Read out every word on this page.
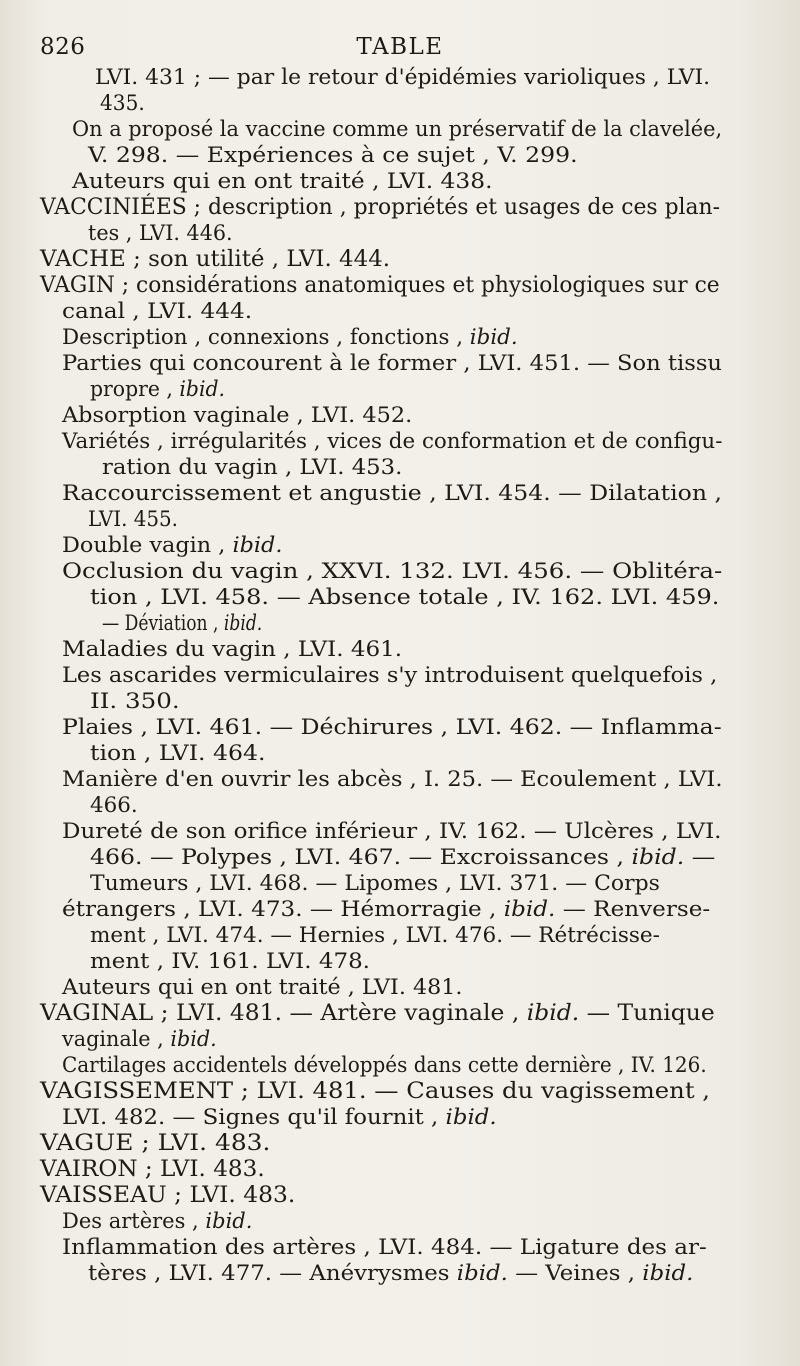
826	TABLE
LVI. 431 ; — par le retour d'épidémies varioliques , LVI.
435.
On a proposé la vaccine comme un préservatif de la clavelée,
V. 298. — Expériences à ce sujet , V. 299.
Auteurs qui en ont traité , LVI. 438.
VACCINIÉES ; description , propriétés et usages de ces plan-
tes , LVI. 446.
VACHE ; son utilité , LVI. 444.
VAGIN ; considérations anatomiques et physiologiques sur ce
canal , LVI. 444.
Description , connexions , fonctions , ibid.
Parties qui concourent à le former , LVI. 451. — Son tissu
propre , ibid.
Absorption vaginale , LVI. 452.
Variétés , irrégularités , vices de conformation et de configu-
ration du vagin , LVI. 453.
Raccourcissement et angustie , LVI. 454. — Dilatation ,
LVI. 455.
Double vagin , ibid.
Occlusion du vagin , XXVI. 132. LVI. 456. — Oblitéra-
tion , LVI. 458. — Absence totale , IV. 162. LVI. 459.
— Déviation , ibid.
Maladies du vagin , LVI. 461.
Les ascarides vermiculaires s'y introduisent quelquefois ,
II. 350.
Plaies , LVI. 461. — Déchirures , LVI. 462. — Inflamma-
tion , LVI. 464.
Manière d'en ouvrir les abcès , I. 25. — Ecoulement , LVI.
466.
Dureté de son orifice inférieur , IV. 162. — Ulcères , LVI.
466. — Polypes , LVI. 467. — Excroissances , ibid. —
Tumeurs , LVI. 468. — Lipomes , LVI. 371. — Corps
étrangers , LVI. 473. — Hémorragie , ibid. — Renverse-
ment , LVI. 474. — Hernies , LVI. 476. — Rétrécisse-
ment , IV. 161. LVI. 478.
Auteurs qui en ont traité , LVI. 481.
VAGINAL ; LVI. 481. — Artère vaginale , ibid. — Tunique
vaginale , ibid.
Cartilages accidentels développés dans cette dernière , IV. 126.
VAGISSEMENT ; LVI. 481. — Causes du vagissement ,
LVI. 482. — Signes qu'il fournit , ibid.
VAGUE ; LVI. 483.
VAIRON ; LVI. 483.
VAISSEAU ; LVI. 483.
Des artères , ibid.
Inflammation des artères , LVI. 484. — Ligature des ar-
tères , LVI. 477. — Anévrysmes ibid. — Veines , ibid.
